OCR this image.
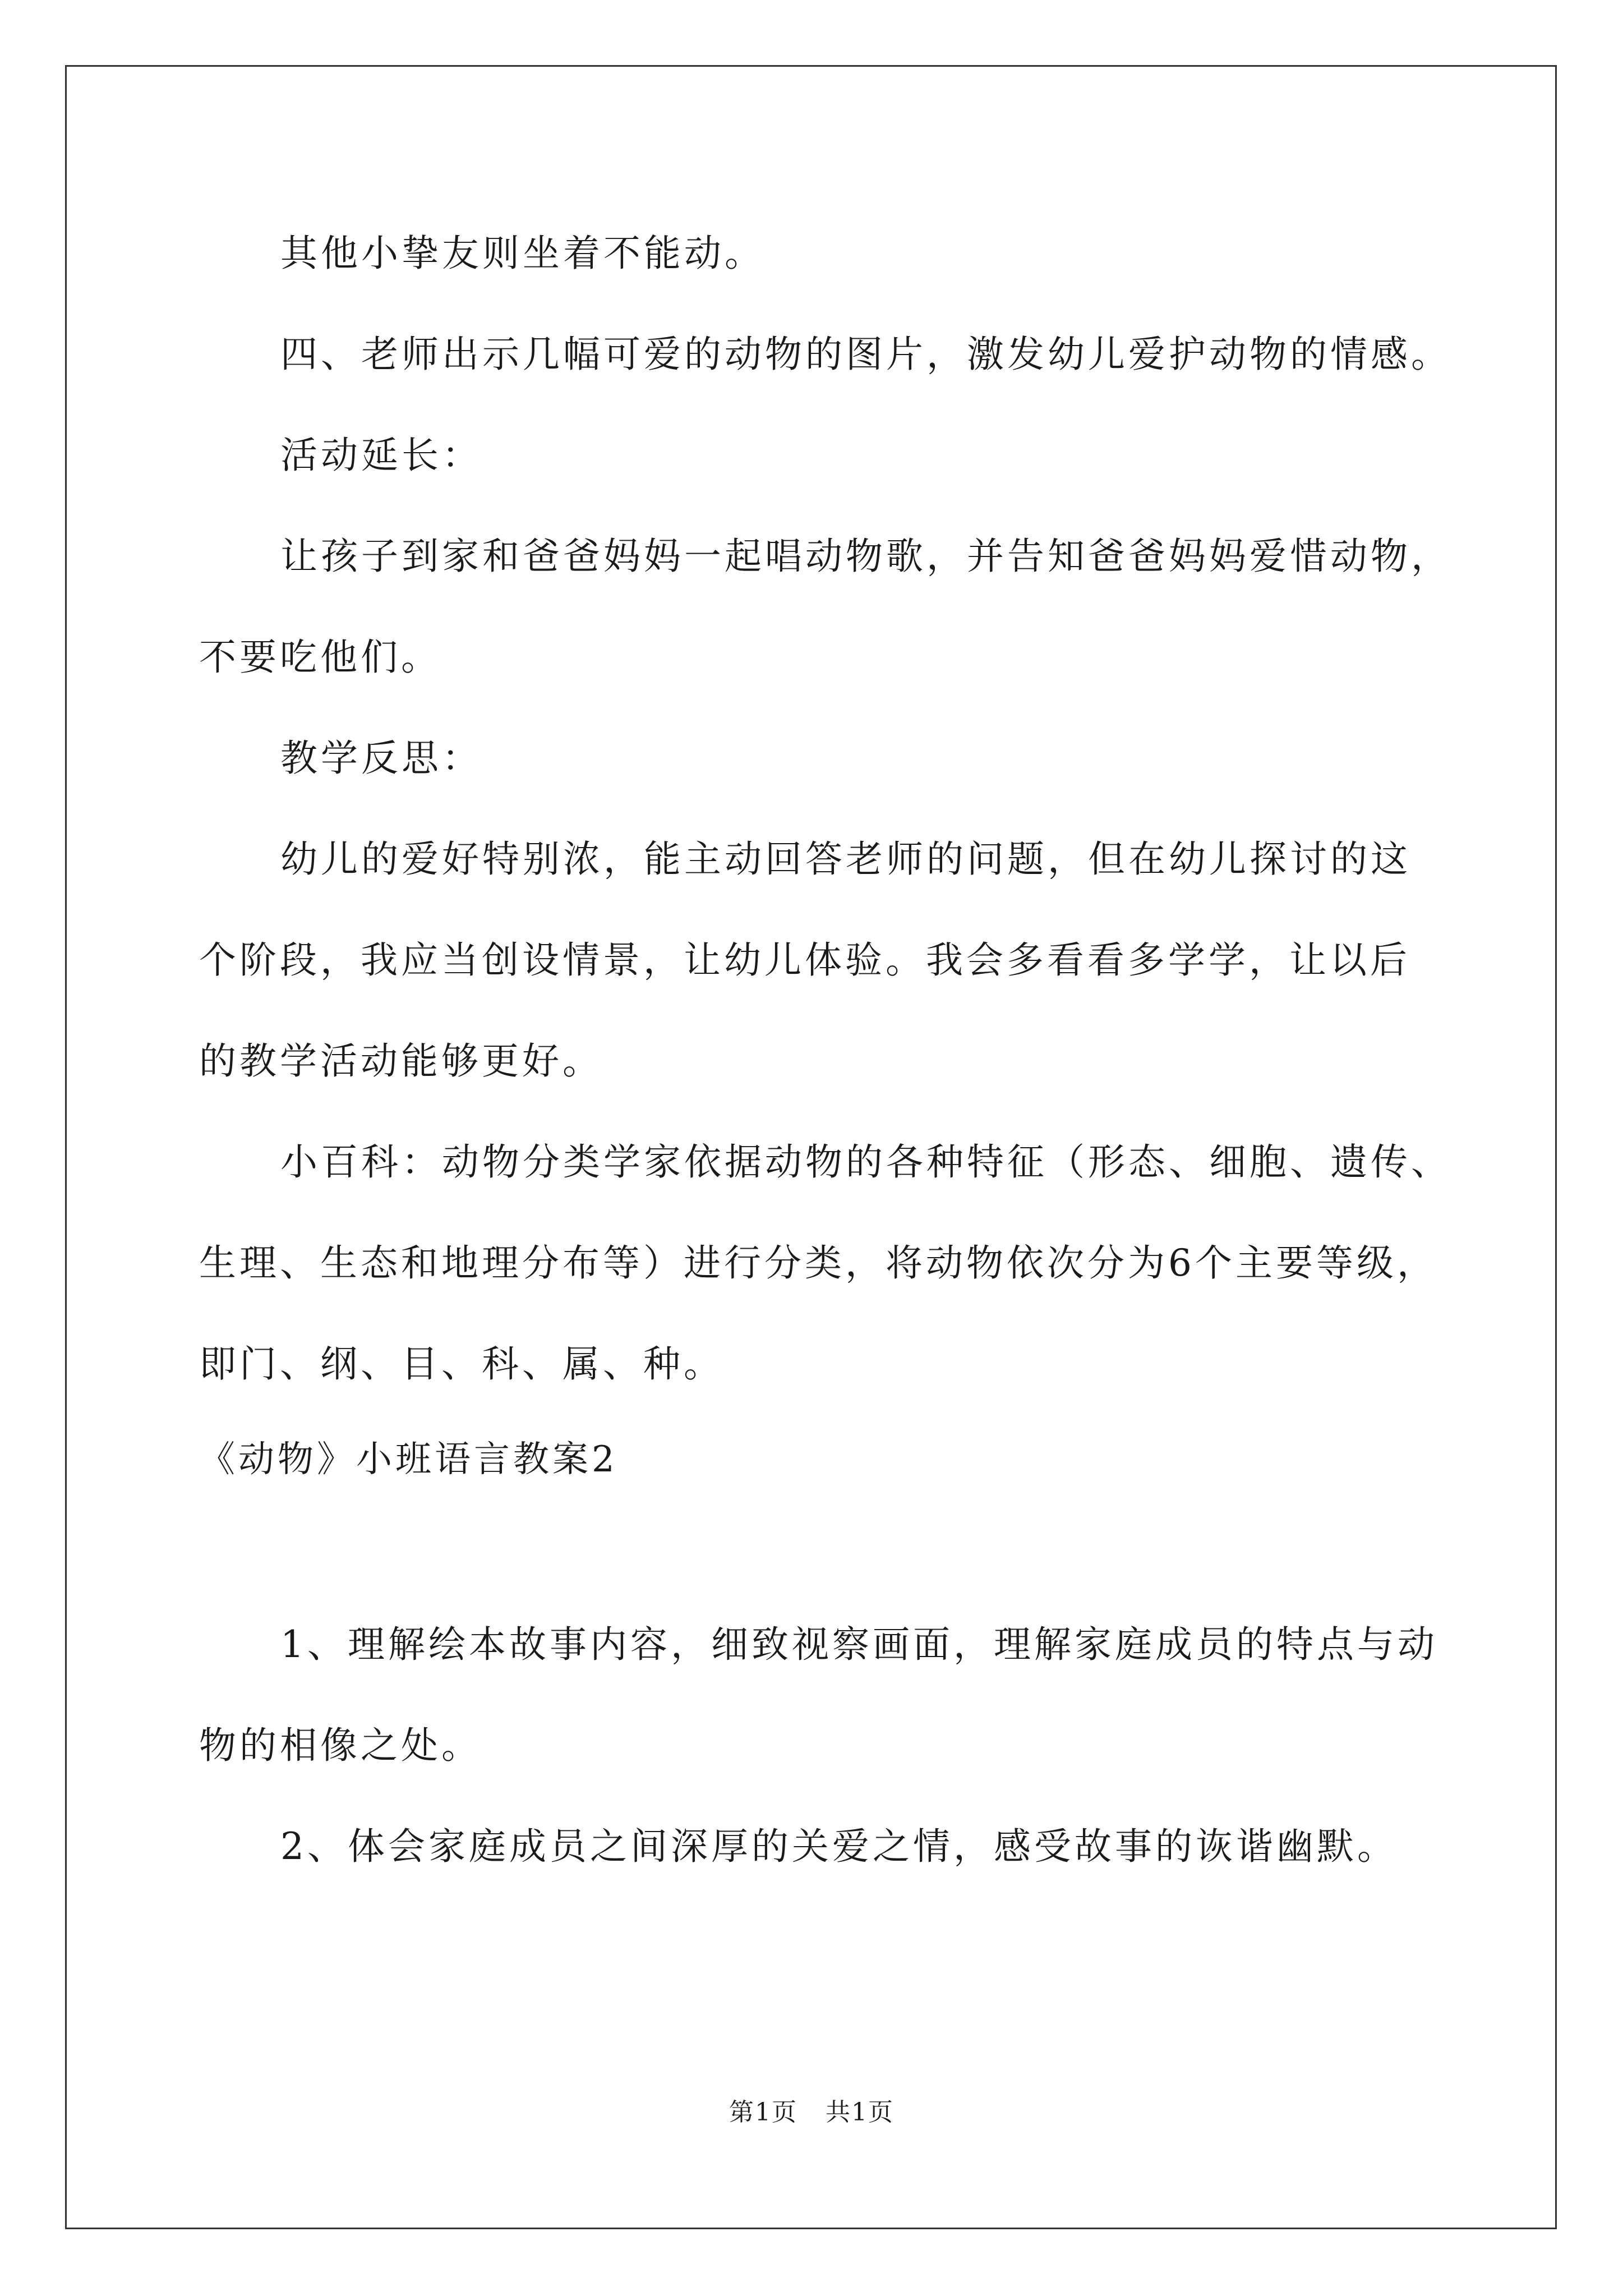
其他小挚友则坐着不能动。
四、老师出示几幅可爱的动物的图片，激发幼儿爱护动物的情感。
活动延长：
让孩子到家和爸爸妈妈一起唱动物歌，并告知爸爸妈妈爱惜动物，
不要吃他们。
教学反思：
幼儿的爱好特别浓，能主动回答老师的问题，但在幼儿探讨的这
个阶段，我应当创设情景，让幼儿体验。我会多看看多学学，让以后
的教学活动能够更好。
小百科：动物分类学家依据动物的各种特征（形态、细胞、遗传、
生理、生态和地理分布等）进行分类，将动物依次分为6个主要等级，
即门、纲、目、科、属、种。
《动物》小班语言教案2
1、理解绘本故事内容，细致视察画面，理解家庭成员的特点与动
物的相像之处。
2、体会家庭成员之间深厚的关爱之情，感受故事的诙谐幽默。
第1页 共1页
